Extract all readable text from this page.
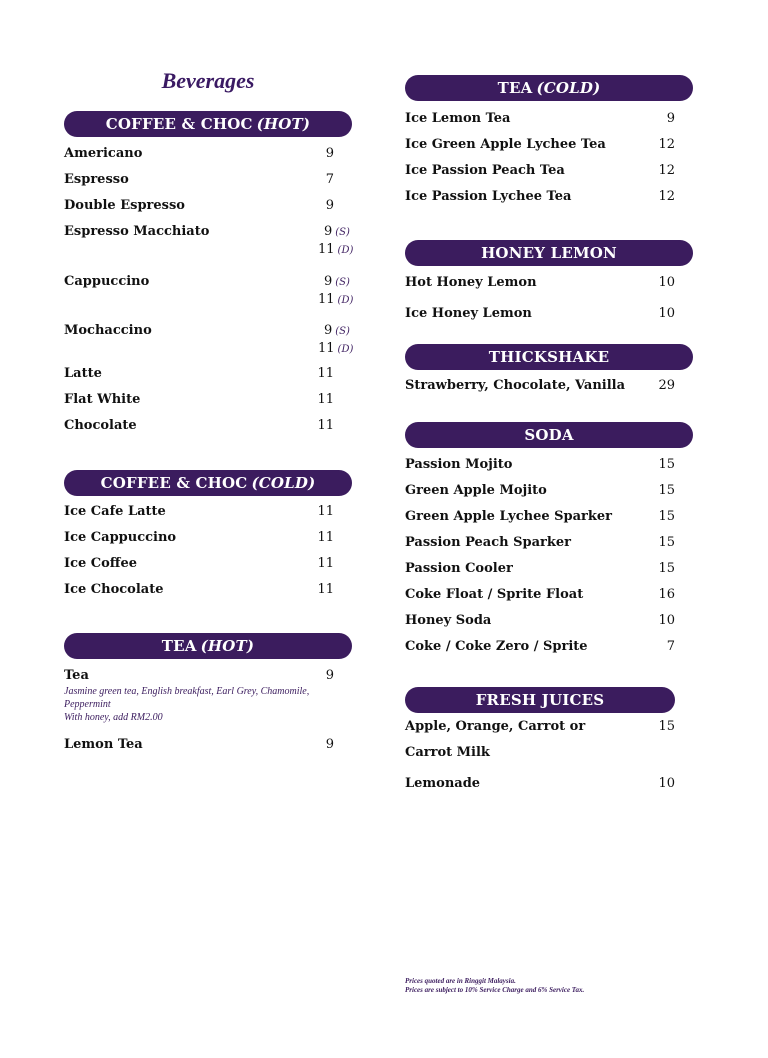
Beverages
COFFEE & CHOC (HOT)
Americano	9
Espresso	7
Double Espresso	9
Espresso Macchiato	9 (S)
11 (D)
Cappuccino	9 (S)
11 (D)
Mochaccino	9 (S)
11 (D)
Latte	11
Flat White	11
Chocolate	11
COFFEE & CHOC (COLD)
Ice Cafe Latte	11
Ice Cappuccino	11
Ice Coffee	11
Ice Chocolate	11
TEA (HOT)
Tea	9
Jasmine green tea, English breakfast, Earl Grey, Chamomile,
Peppermint
With honey, add RM2.00
Lemon Tea	9
TEA (COLD)
Ice Lemon Tea	9
Ice Green Apple Lychee Tea	12
Ice Passion Peach Tea	12
Ice Passion Lychee Tea	12
HONEY LEMON
Hot Honey Lemon	10
Ice Honey Lemon	10
THICKSHAKE
Strawberry, Chocolate, Vanilla	29
SODA
Passion Mojito	15
Green Apple Mojito	15
Green Apple Lychee Sparker	15
Passion Peach Sparker	15
Passion Cooler	15
Coke Float / Sprite Float	16
Honey Soda	10
Coke / Coke Zero / Sprite	7
FRESH JUICES
Apple, Orange, Carrot or	15
Carrot Milk
Lemonade	10
Prices quoted are in Ringgit Malaysia.
Prices are subject to 10% Service Charge and 6% Service Tax.
